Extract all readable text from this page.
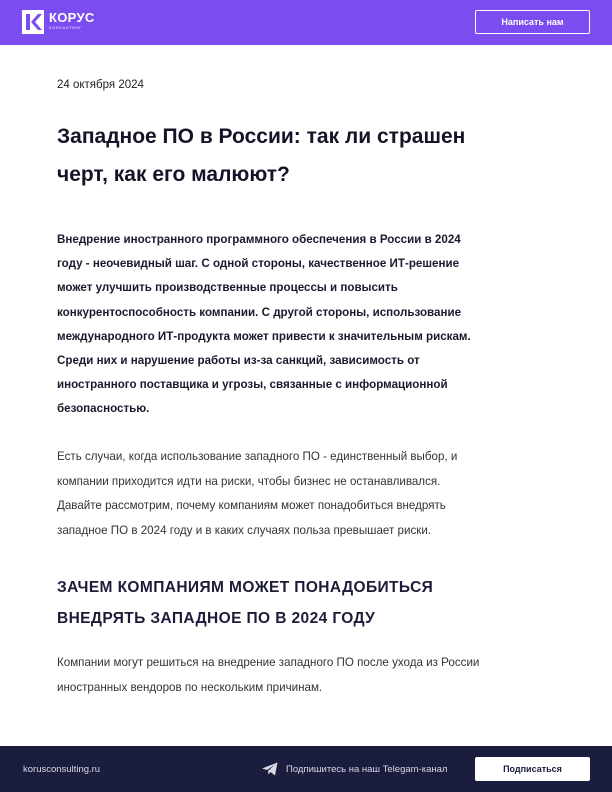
КОРУС
КОНСАЛТИНГ
Написать нам
24 октября 2024
Западное ПО в России: так ли страшен
черт, как его малюют?
Внедрение иностранного программного обеспечения в России в 2024
году - неочевидный шаг. С одной стороны, качественное ИТ-решение
может улучшить производственные процессы и повысить
конкурентоспособность компании. С другой стороны, использование
международного ИТ-продукта может привести к значительным рискам.
Среди них и нарушение работы из-за санкций, зависимость от
иностранного поставщика и угрозы, связанные с информационной
безопасностью.
Есть случаи, когда использование западного ПО - единственный выбор, и
компании приходится идти на риски, чтобы бизнес не останавливался.
Давайте рассмотрим, почему компаниям может понадобиться внедрять
западное ПО в 2024 году и в каких случаях польза превышает риски.
ЗАЧЕМ КОМПАНИЯМ МОЖЕТ ПОНАДОБИТЬСЯ
ВНЕДРЯТЬ ЗАПАДНОЕ ПО В 2024 ГОДУ
Компании могут решиться на внедрение западного ПО после ухода из России
иностранных вендоров по нескольким причинам.
korusconsulting.ru	Подпишитесь на наш Telegam-канал	Подписаться
